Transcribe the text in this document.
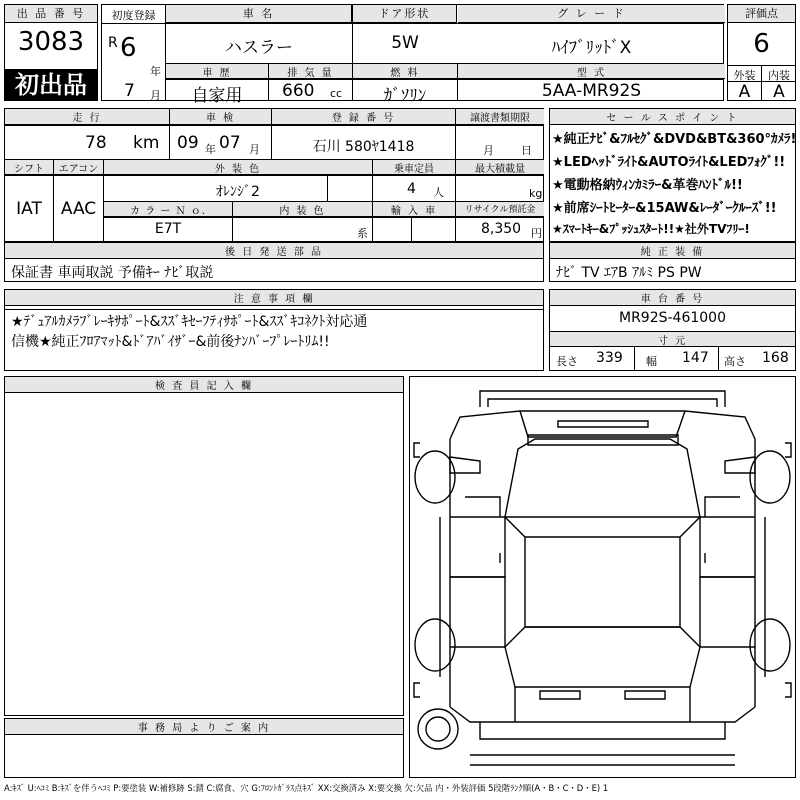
出 品 番 号
3083
初出品
初度登録
R 6
年
7 月
車 名
ハスラー
車 歴
自家用
排 気 量
660 cc
ドア形状
5W
燃 料
ｶﾞｿﾘﾝ
グ レ ー ド
ﾊｲﾌﾞﾘｯﾄﾞX
型 式
5AA-MR92S
評価点
6
外装	内装
A	A
走 行
78 km
車 検
09 年 07 月
登 録 番 号
石川 580ﾔ1418
譲渡書類期限
月 日
シフト	エアコン
IAT	AAC
外 装 色
ｵﾚﾝｼﾞ2
乗車定員
4 人
最大積載量
kg
カ ラ ー Ｎ ｏ.
E7T
内 装 色
系
輸 入 車	リサイクル預託金
8,350 円
後 日 発 送 部 品
保証書 車両取説 予備ｷｰ ﾅﾋﾞ取説
セ ー ル ス ポ イ ン ト
★純正ﾅﾋﾞ&ﾌﾙｾｸﾞ&DVD&BT&360°ｶﾒﾗ!
★LEDﾍｯﾄﾞﾗｲﾄ&AUTOﾗｲﾄ&LEDﾌｫｸﾞ!!
★電動格納ｳｨﾝｶﾐﾗｰ&革巻ﾊﾝﾄﾞﾙ!!
★前席ｼｰﾄﾋｰﾀｰ&15AW&ﾚｰﾀﾞｰｸﾙｰｽﾞ!!
★ｽﾏｰﾄｷｰ&ﾌﾟｯｼｭｽﾀｰﾄ!!★社外TVﾌﾘｰ!
純 正 装 備
ﾅﾋﾞ TV ｴｱB ｱﾙﾐ PS PW
注 意 事 項 欄
★ﾃﾞｭｱﾙｶﾒﾗﾌﾞﾚｰｷｻﾎﾟｰﾄ&ｽｽﾞｷｾｰﾌﾃｨｻﾎﾟｰﾄ&ｽｽﾞｷｺﾈｸﾄ対応通
信機★純正ﾌﾛｱﾏｯﾄ&ﾄﾞｱﾊﾞｲｻﾞｰ&前後ﾅﾝﾊﾞｰﾌﾟﾚｰﾄﾘﾑ!!
車 台 番 号
MR92S-461000
寸 元
長さ 339 幅 147 高さ 168
検 査 員 記 入 欄
事 務 局 よ り ご 案 内
A:ｷｽﾞ U:ﾍｺﾐ B:ｷｽﾞを伴うﾍｺﾐ P:要塗装 W:補修跡 S:錆 C:腐食、穴 G:ﾌﾛﾝﾄｶﾞﾗｽ点ｷｽﾞ XX:交換済み X:要交換 欠:欠品 内・外装評価 5段階ﾗﾝｸ順(A・B・C・D・E) 1
